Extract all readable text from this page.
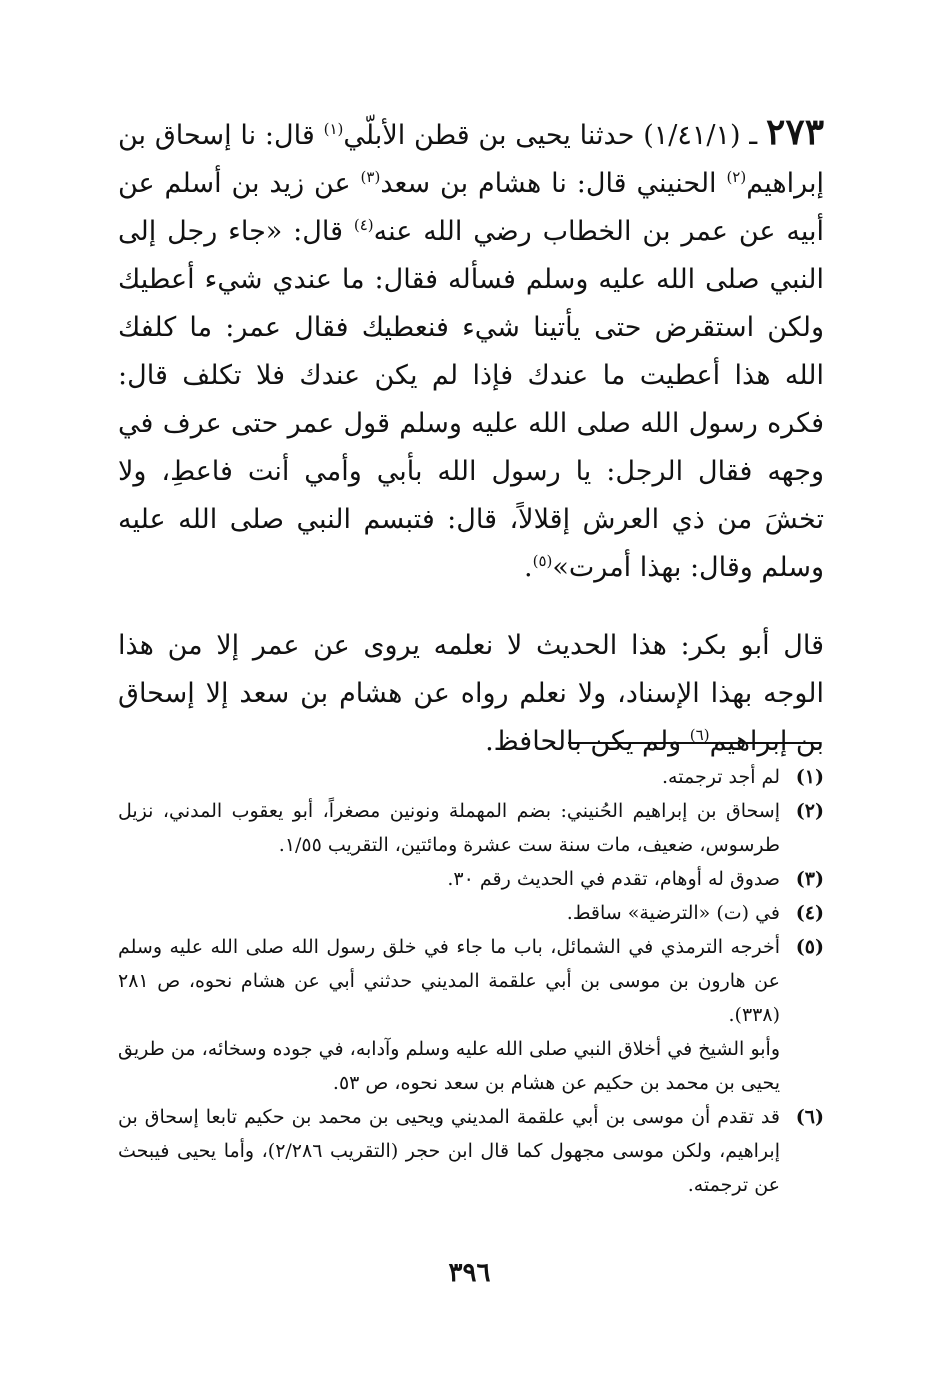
٢٧٣ ـ (١/٤١/١) حدثنا يحيى بن قطن الأبلّي$^{(١)}$ قال: نا إسحاق بن إبراهيم$^{(٢)}$ الحنيني قال: نا هشام بن سعد$^{(٣)}$ عن زيد بن أسلم عن أبيه عن عمر بن الخطاب رضي الله عنه$^{(٤)}$ قال: «جاء رجل إلى النبي صلى الله عليه وسلم فسأله فقال: ما عندي شيء أعطيك ولكن استقرض حتى يأتينا شيء فنعطيك فقال عمر: ما كلفك الله هذا أعطيت ما عندك فإذا لم يكن عندك فلا تكلف قال: فكره رسول الله صلى الله عليه وسلم قول عمر حتى عرف في وجهه فقال الرجل: يا رسول الله بأبي وأمي أنت فاعطِ، ولا تخشَ من ذي العرش إقلالاً، قال: فتبسم النبي صلى الله عليه وسلم وقال: بهذا أمرت»$^{(٥)}$.

قال أبو بكر: هذا الحديث لا نعلمه يروى عن عمر إلا من هذا الوجه بهذا الإسناد، ولا نعلم رواه عن هشام بن سعد إلا إسحاق بن إبراهيم$^{(٦)}$ ولم يكن بالحافظ.

(١)
لم أجد ترجمته.
(٢)
إسحاق بن إبراهيم الحُنيني: بضم المهملة ونونين مصغراً، أبو يعقوب المدني، نزيل طرسوس، ضعيف، مات سنة ست عشرة ومائتين، التقريب ١/٥٥.
(٣)
صدوق له أوهام، تقدم في الحديث رقم ٣٠.
(٤)
في (ت) «الترضية» ساقط.
(٥)
أخرجه الترمذي في الشمائل، باب ما جاء في خلق رسول الله صلى الله عليه وسلم عن هارون بن موسى بن أبي علقمة المديني حدثني أبي عن هشام نحوه، ص ٢٨١ (٣٣٨).
وأبو الشيخ في أخلاق النبي صلى الله عليه وسلم وآدابه، في جوده وسخائه، من طريق يحيى بن محمد بن حكيم عن هشام بن سعد نحوه، ص ٥٣.
(٦)
قد تقدم أن موسى بن أبي علقمة المديني ويحيى بن محمد بن حكيم تابعا إسحاق بن إبراهيم، ولكن موسى مجهول كما قال ابن حجر (التقريب ٢/٢٨٦)، وأما يحيى فيبحث عن ترجمته.
٣٩٦
